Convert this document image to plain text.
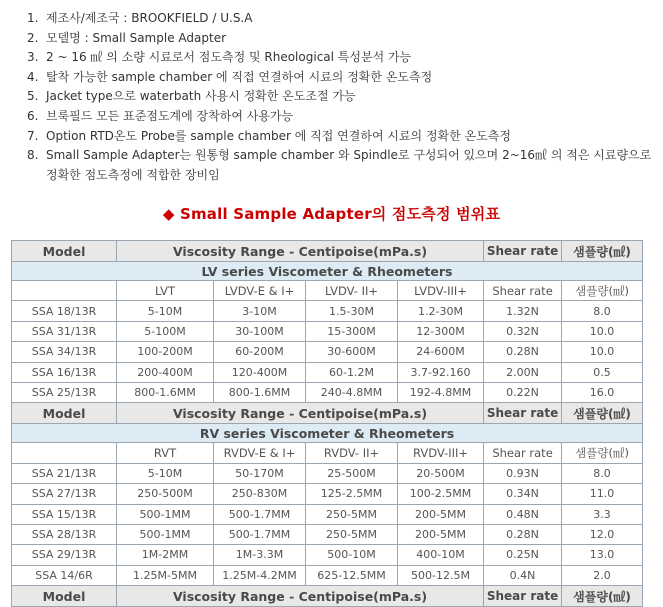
1. 제조사/제조국 : BROOKFIELD / U.S.A
2. 모델명 : Small Sample Adapter
3. 2 ~ 16 ㎖ 의 소량 시료로서 점도측정 및 Rheological 특성분석 가능
4. 탈착 가능한 sample chamber 에 직접 연결하여 시료의 정확한 온도측정
5. Jacket type으로 waterbath 사용시 정확한 온도조절 가능
6. 브룩필드 모든 표준점도계에 장착하여 사용가능
7. Option RTD온도 Probe를 sample chamber 에 직접 연결하여 시료의 정확한 온도측정
8. Small Sample Adapter는 원통형 sample chamber 와 Spindle로 구성되어 있으며 2~16㎖ 의 적은 시료량으로 정확한 점도측정에 적합한 장비임
◆ Small Sample Adapter의 점도측정 범위표
Model	Viscosity Range - Centipoise(mPa.s)				Shear rate	샘플량(㎖)
LV series Viscometer & Rheometers						
	LVT	LVDV-E & I+	LVDV- II+	LVDV-III+	Shear rate	샘플량(㎖)
SSA 18/13R	5-10M	3-10M	1.5-30M	1.2-30M	1.32N	8.0
SSA 31/13R	5-100M	30-100M	15-300M	12-300M	0.32N	10.0
SSA 34/13R	100-200M	60-200M	30-600M	24-600M	0.28N	10.0
SSA 16/13R	200-400M	120-400M	60-1.2M	3.7-92.160	2.00N	0.5
SSA 25/13R	800-1.6MM	800-1.6MM	240-4.8MM	192-4.8MM	0.22N	16.0
Model	Viscosity Range - Centipoise(mPa.s)				Shear rate	샘플량(㎖)
RV series Viscometer & Rheometers						
	RVT	RVDV-E & I+	RVDV- II+	RVDV-III+	Shear rate	샘플량(㎖)
SSA 21/13R	5-10M	50-170M	25-500M	20-500M	0.93N	8.0
SSA 27/13R	250-500M	250-830M	125-2.5MM	100-2.5MM	0.34N	11.0
SSA 15/13R	500-1MM	500-1.7MM	250-5MM	200-5MM	0.48N	3.3
SSA 28/13R	500-1MM	500-1.7MM	250-5MM	200-5MM	0.28N	12.0
SSA 29/13R	1M-2MM	1M-3.3M	500-10M	400-10M	0.25N	13.0
SSA 14/6R	1.25M-5MM	1.25M-4.2MM	625-12.5MM	500-12.5M	0.4N	2.0
Model	Viscosity Range - Centipoise(mPa.s)				Shear rate	샘플량(㎖)
